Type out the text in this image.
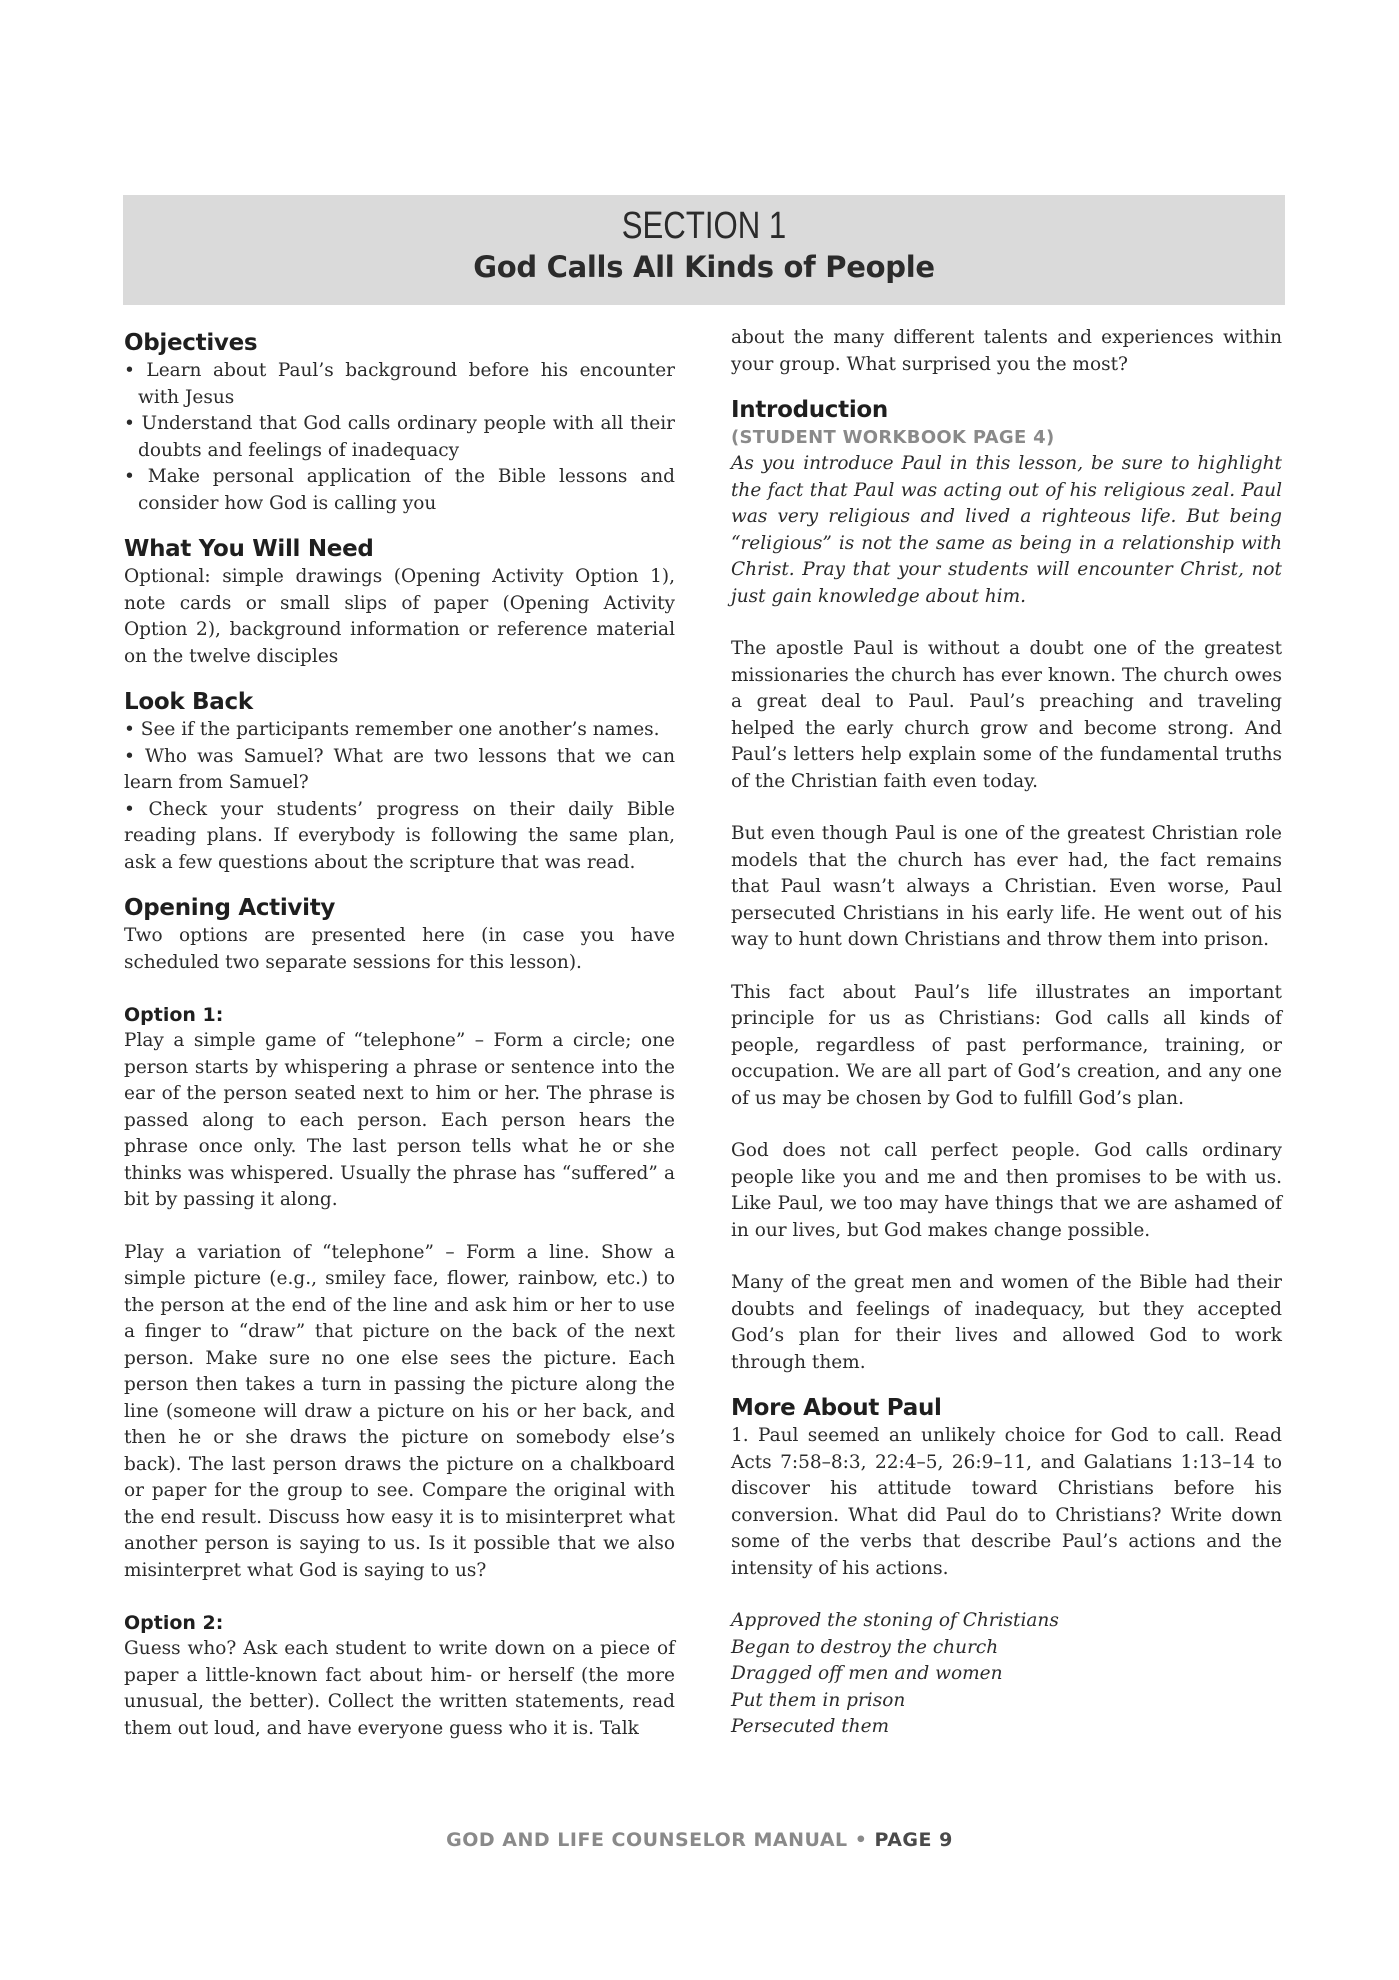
SECTION 1
God Calls All Kinds of People
Objectives

• Learn about Paul’s background before his encounter with Jesus

• Understand that God calls ordinary people with all their doubts and feelings of inadequacy

• Make personal application of the Bible lessons and consider how God is calling you

What You Will Need

Optional: simple drawings (Opening Activity Option 1), note cards or small slips of paper (Opening Activity Option 2), background information or reference material on the twelve disciples

Look Back

• See if the participants remember one another’s names.

• Who was Samuel? What are two lessons that we can learn from Samuel?

• Check your students’ progress on their daily Bible reading plans. If everybody is following the same plan, ask a few questions about the scripture that was read.

Opening Activity

Two options are presented here (in case you have scheduled two separate sessions for this lesson).

Option 1:

Play a simple game of “telephone” – Form a circle; one person starts by whispering a phrase or sentence into the ear of the person seated next to him or her. The phrase is passed along to each person. Each person hears the phrase once only. The last person tells what he or she thinks was whispered. Usually the phrase has “suffered” a bit by passing it along.

Play a variation of “telephone” – Form a line. Show a simple picture (e.g., smiley face, flower, rainbow, etc.) to the person at the end of the line and ask him or her to use a finger to “draw” that picture on the back of the next person. Make sure no one else sees the picture. Each person then takes a turn in passing the picture along the line (someone will draw a picture on his or her back, and then he or she draws the picture on somebody else’s back). The last person draws the picture on a chalkboard or paper for the group to see. Compare the original with the end result. Discuss how easy it is to misinterpret what another person is saying to us. Is it possible that we also misinterpret what God is saying to us?

Option 2:

Guess who? Ask each student to write down on a piece of paper a little-known fact about him- or herself (the more unusual, the better). Collect the written statements, read them out loud, and have everyone guess who it is. Talk

about the many different talents and experiences within your group. What surprised you the most?

Introduction
(STUDENT WORKBOOK PAGE 4)

As you introduce Paul in this lesson, be sure to highlight the fact that Paul was acting out of his religious zeal. Paul was very religious and lived a righteous life. But being “religious” is not the same as being in a relationship with Christ. Pray that your students will encounter Christ, not just gain knowledge about him.

The apostle Paul is without a doubt one of the greatest missionaries the church has ever known. The church owes a great deal to Paul. Paul’s preaching and traveling helped the early church grow and become strong. And Paul’s letters help explain some of the fundamental truths of the Christian faith even today.

But even though Paul is one of the greatest Christian role models that the church has ever had, the fact remains that Paul wasn’t always a Christian. Even worse, Paul persecuted Christians in his early life. He went out of his way to hunt down Christians and throw them into prison.

This fact about Paul’s life illustrates an important principle for us as Christians: God calls all kinds of people, regardless of past performance, training, or occupation. We are all part of God’s creation, and any one of us may be chosen by God to fulfill God’s plan.

God does not call perfect people. God calls ordinary people like you and me and then promises to be with us. Like Paul, we too may have things that we are ashamed of in our lives, but God makes change possible.

Many of the great men and women of the Bible had their doubts and feelings of inadequacy, but they accepted God’s plan for their lives and allowed God to work through them.

More About Paul

1. Paul seemed an unlikely choice for God to call. Read Acts 7:58–8:3, 22:4–5, 26:9–11, and Galatians 1:13–14 to discover his attitude toward Christians before his conversion. What did Paul do to Christians? Write down some of the verbs that describe Paul’s actions and the intensity of his actions.

Approved the stoning of Christians
Began to destroy the church
Dragged off men and women
Put them in prison
Persecuted them
GOD AND LIFE COUNSELOR MANUAL • PAGE 9
